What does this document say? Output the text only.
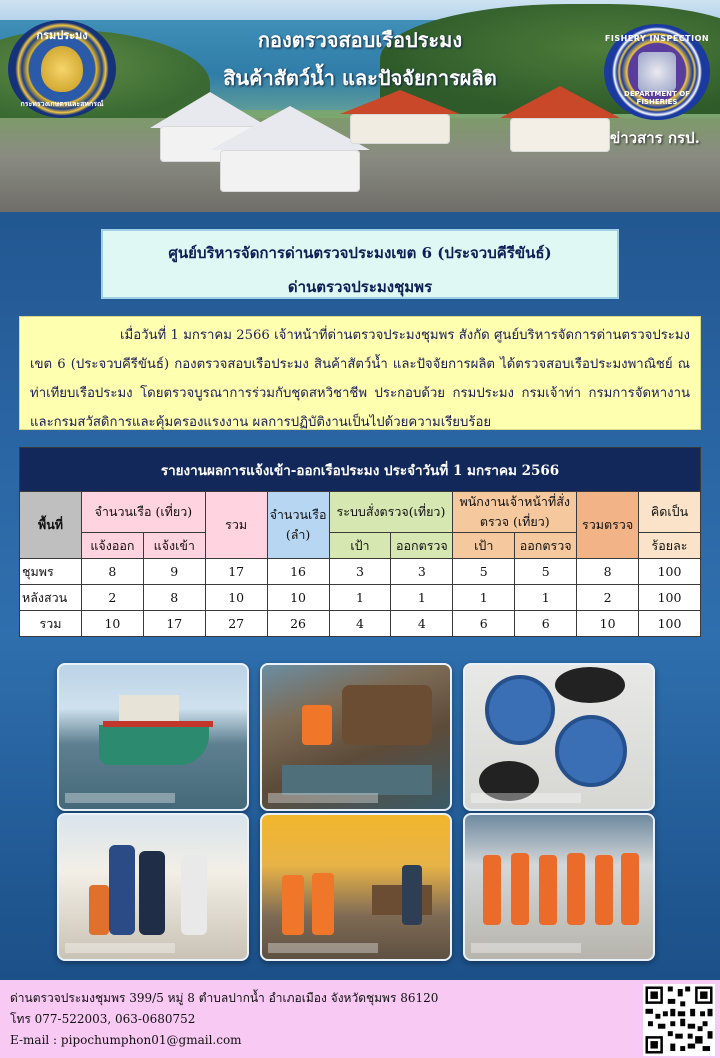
กองตรวจสอบเรือประมง
สินค้าสัตว์น้ำ และปัจจัยการผลิต
กรมประมง
กระทรวงเกษตรและสหกรณ์
FISHERY INSPECTION
DEPARTMENT OF FISHERIES
ข่าวสาร กรป.
ศูนย์บริหารจัดการด่านตรวจประมงเขต 6 (ประจวบคีรีขันธ์)
ด่านตรวจประมงชุมพร
เมื่อวันที่ 1 มกราคม 2566 เจ้าหน้าที่ด่านตรวจประมงชุมพร สังกัด ศูนย์บริหารจัดการด่านตรวจประมงเขต 6 (ประจวบคีรีขันธ์) กองตรวจสอบเรือประมง สินค้าสัตว์น้ำ และปัจจัยการผลิต ได้ตรวจสอบเรือประมงพาณิชย์ ณ ท่าเทียบเรือประมง โดยตรวจบูรณาการร่วมกับชุดสหวิชาชีพ ประกอบด้วย กรมประมง กรมเจ้าท่า กรมการจัดหางาน และกรมสวัสดิการและคุ้มครองแรงงาน ผลการปฏิบัติงานเป็นไปด้วยความเรียบร้อย
รายงานผลการแจ้งเข้า-ออกเรือประมง ประจำวันที่ 1 มกราคม 2566										
พื้นที่	จำนวนเรือ (เที่ยว)		รวม	จำนวนเรือ (ลำ)	ระบบสั่งตรวจ(เที่ยว)		พนักงานเจ้าหน้าที่สั่งตรวจ (เที่ยว)		รวมตรวจ	คิดเป็น
	แจ้งออก	แจ้งเข้า			เป้า	ออกตรวจ	เป้า	ออกตรวจ		ร้อยละ
ชุมพร	8	9	17	16	3	3	5	5	8	100
หลังสวน	2	8	10	10	1	1	1	1	2	100
รวม	10	17	27	26	4	4	6	6	10	100
ด่านตรวจประมงชุมพร 399/5 หมู่ 8 ตำบลปากน้ำ อำเภอเมือง จังหวัดชุมพร 86120
โทร 077-522003, 063-0680752
E-mail : pipochumphon01@gmail.com
